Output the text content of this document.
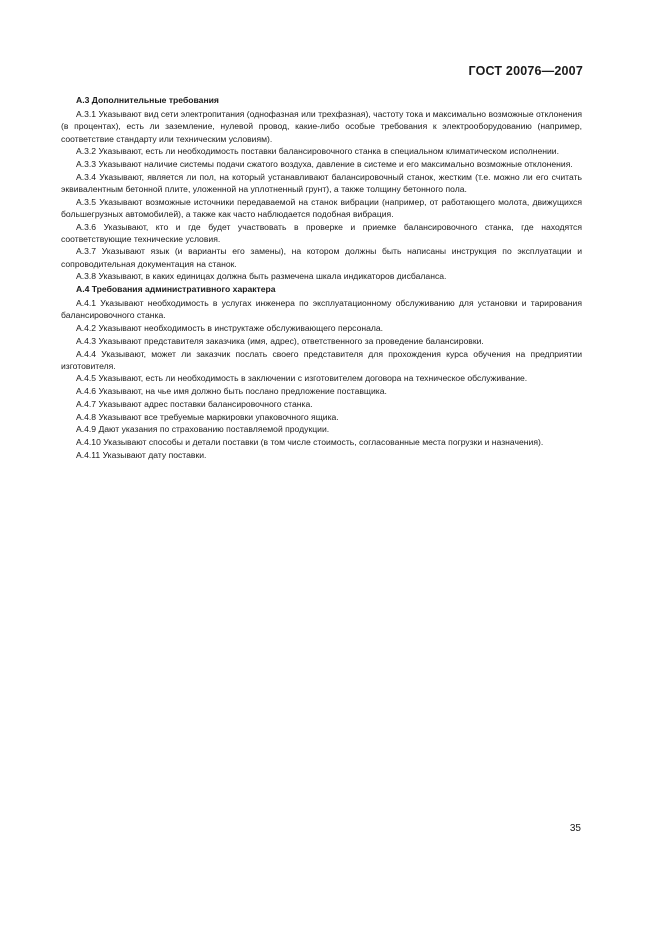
ГОСТ 20076—2007

А.3 Дополнительные требования

А.3.1 Указывают вид сети электропитания (однофазная или трехфазная), частоту тока и максимально возможные отклонения (в процентах), есть ли заземление, нулевой провод, какие-либо особые требования к электрооборудованию (например, соответствие стандарту или техническим условиям).

А.3.2 Указывают, есть ли необходимость поставки балансировочного станка в специальном климатическом исполнении.

А.3.3 Указывают наличие системы подачи сжатого воздуха, давление в системе и его максимально возможные отклонения.

А.3.4 Указывают, является ли пол, на который устанавливают балансировочный станок, жестким (т.е. можно ли его считать эквивалентным бетонной плите, уложенной на уплотненный грунт), а также толщину бетонного пола.

А.3.5 Указывают возможные источники передаваемой на станок вибрации (например, от работающего молота, движущихся большегрузных автомобилей), а также как часто наблюдается подобная вибрация.

А.3.6 Указывают, кто и где будет участвовать в проверке и приемке балансировочного станка, где находятся соответствующие технические условия.

А.3.7 Указывают язык (и варианты его замены), на котором должны быть написаны инструкция по эксплуатации и сопроводительная документация на станок.

А.3.8 Указывают, в каких единицах должна быть размечена шкала индикаторов дисбаланса.

А.4 Требования административного характера

А.4.1 Указывают необходимость в услугах инженера по эксплуатационному обслуживанию для установки и тарирования балансировочного станка.

А.4.2 Указывают необходимость в инструктаже обслуживающего персонала.

А.4.3 Указывают представителя заказчика (имя, адрес), ответственного за проведение балансировки.

А.4.4 Указывают, может ли заказчик послать своего представителя для прохождения курса обучения на предприятии изготовителя.

А.4.5 Указывают, есть ли необходимость в заключении с изготовителем договора на техническое обслуживание.

А.4.6 Указывают, на чье имя должно быть послано предложение поставщика.

А.4.7 Указывают адрес поставки балансировочного станка.

А.4.8 Указывают все требуемые маркировки упаковочного ящика.

А.4.9 Дают указания по страхованию поставляемой продукции.

А.4.10 Указывают способы и детали поставки (в том числе стоимость, согласованные места погрузки и назначения).

А.4.11 Указывают дату поставки.

35
